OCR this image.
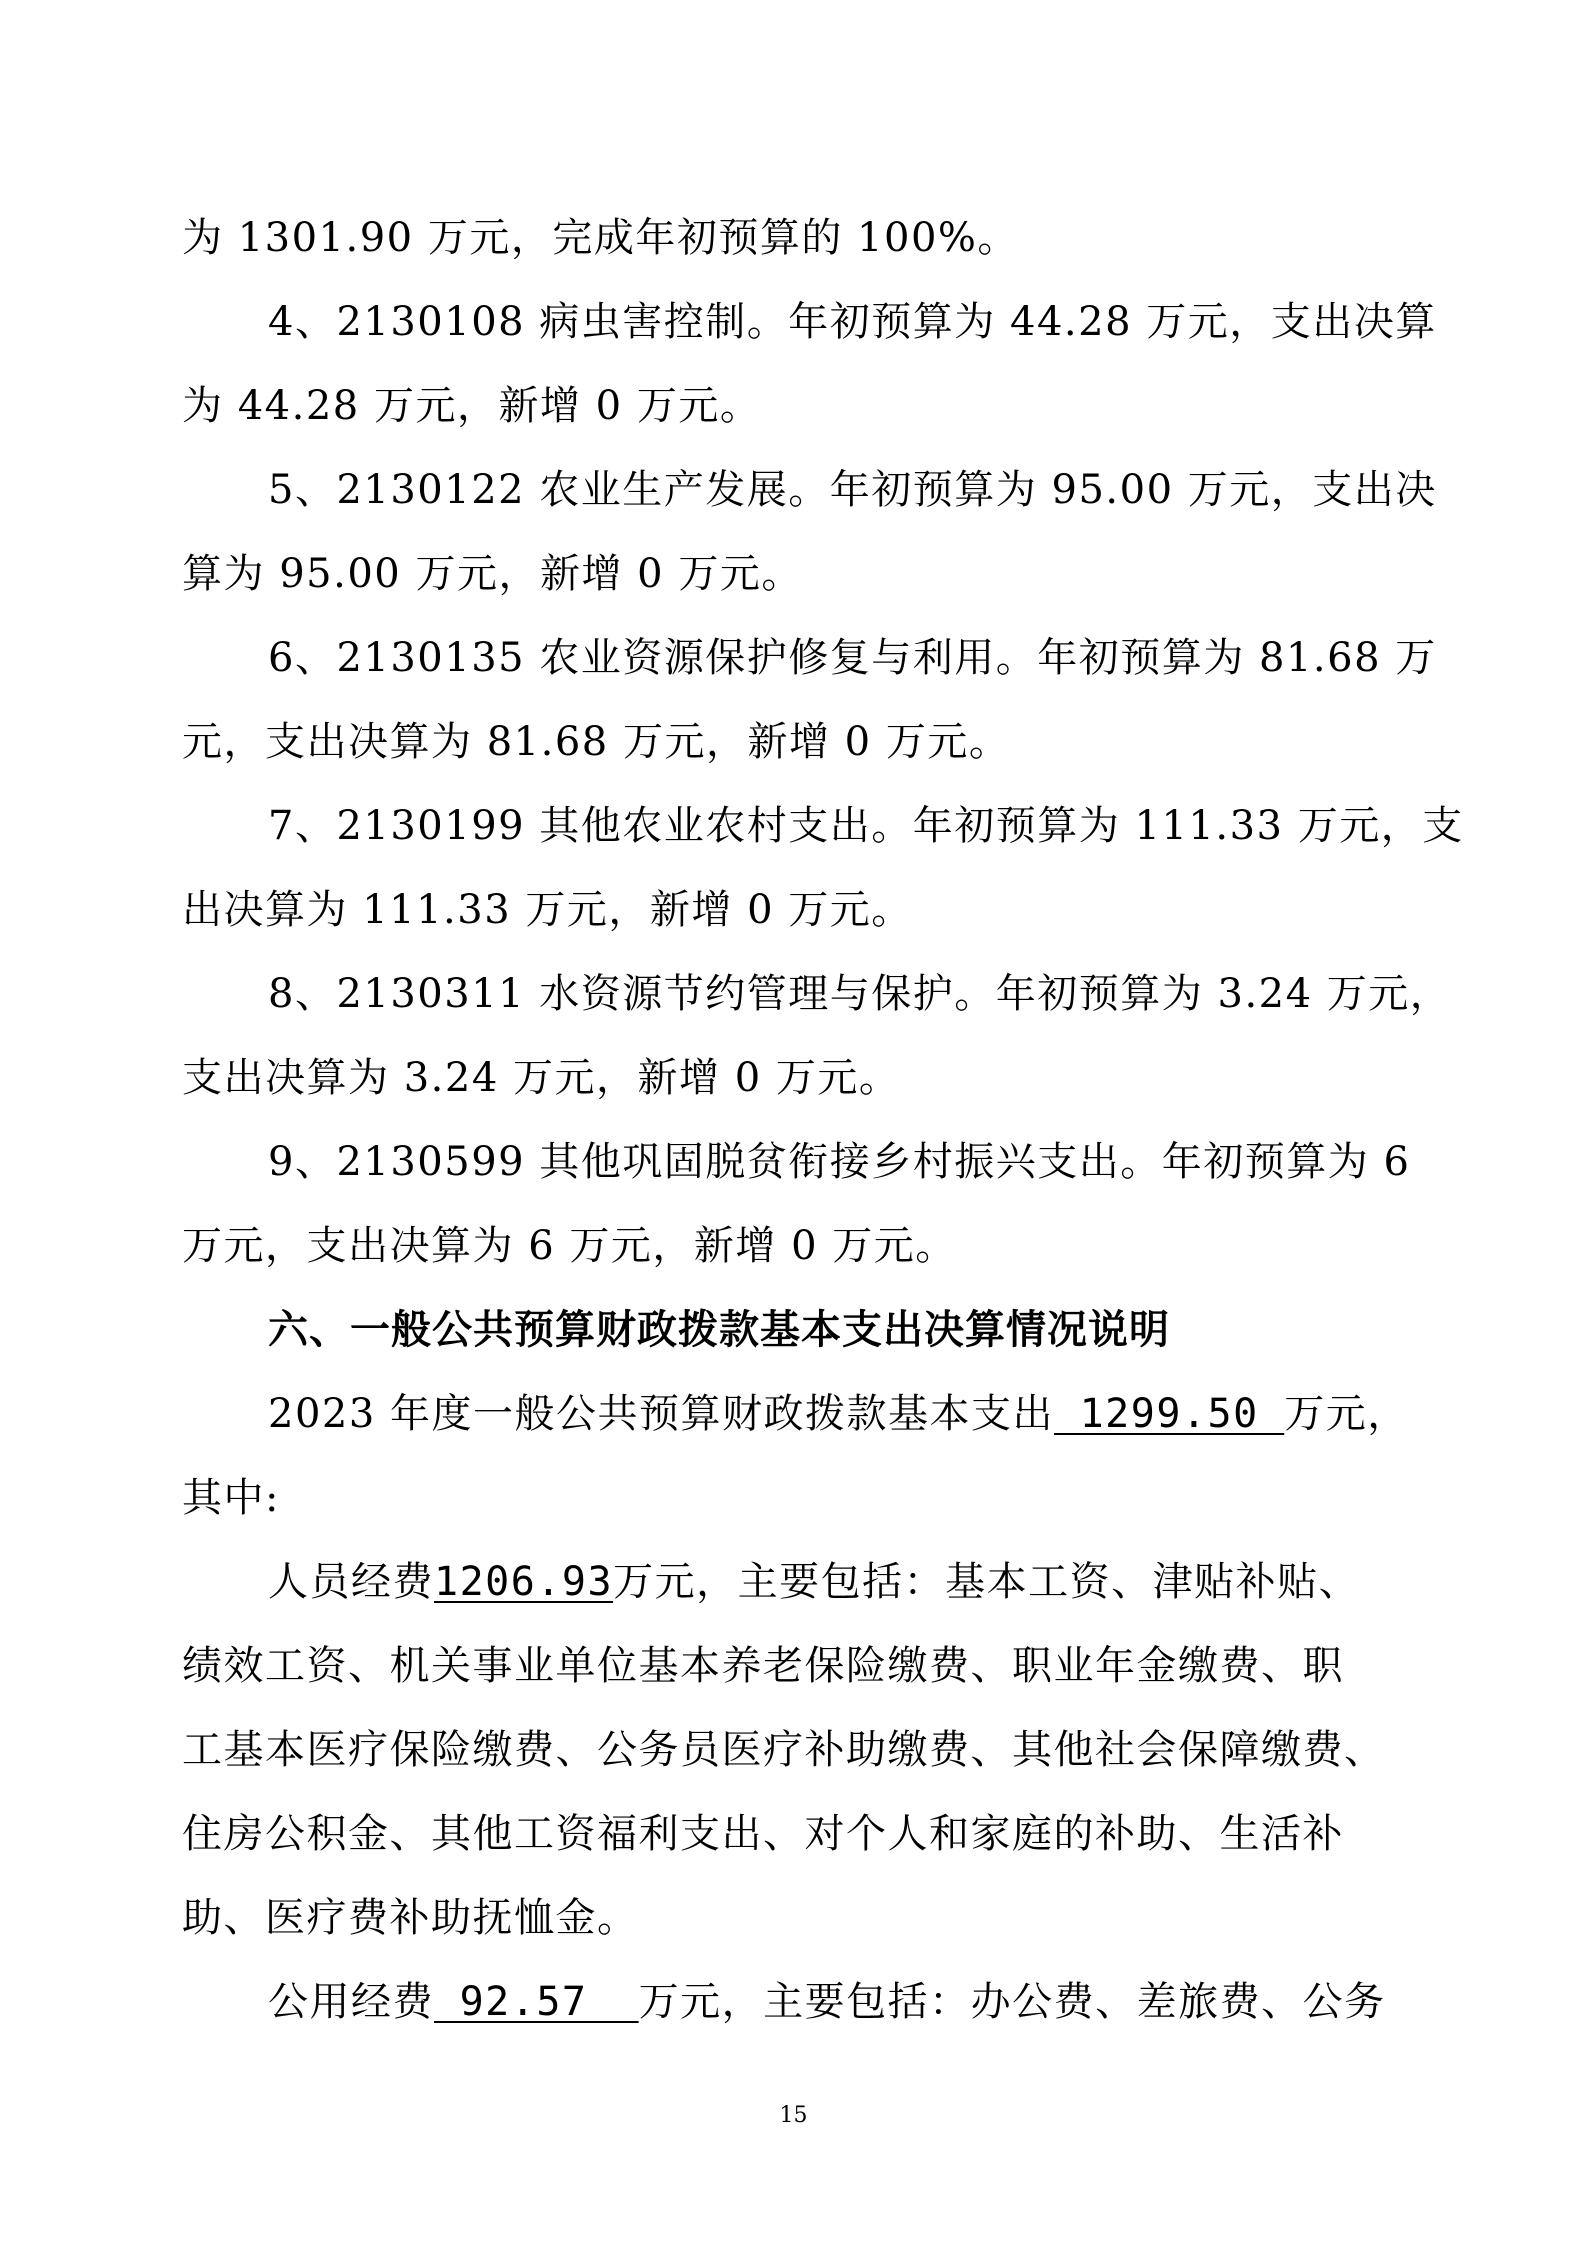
为 1301.90 万元，完成年初预算的 100%。
4、2130108 病虫害控制。年初预算为 44.28 万元，支出决算
为 44.28 万元，新增 0 万元。
5、2130122 农业生产发展。年初预算为 95.00 万元，支出决
算为 95.00 万元，新增 0 万元。
6、2130135 农业资源保护修复与利用。年初预算为 81.68 万
元，支出决算为 81.68 万元，新增 0 万元。
7、2130199 其他农业农村支出。年初预算为 111.33 万元，支
出决算为 111.33 万元，新增 0 万元。
8、2130311 水资源节约管理与保护。年初预算为 3.24 万元，
支出决算为 3.24 万元，新增 0 万元。
9、2130599 其他巩固脱贫衔接乡村振兴支出。年初预算为 6
万元，支出决算为 6 万元，新增 0 万元。
六、一般公共预算财政拨款基本支出决算情况说明
2023 年度一般公共预算财政拨款基本支出 1299.50 万元，
其中:
人员经费1206.93万元，主要包括：基本工资、津贴补贴、
绩效工资、机关事业单位基本养老保险缴费、职业年金缴费、职
工基本医疗保险缴费、公务员医疗补助缴费、其他社会保障缴费、
住房公积金、其他工资福利支出、对个人和家庭的补助、生活补
助、医疗费补助抚恤金。
公用经费 92.57  万元，主要包括：办公费、差旅费、公务
15
